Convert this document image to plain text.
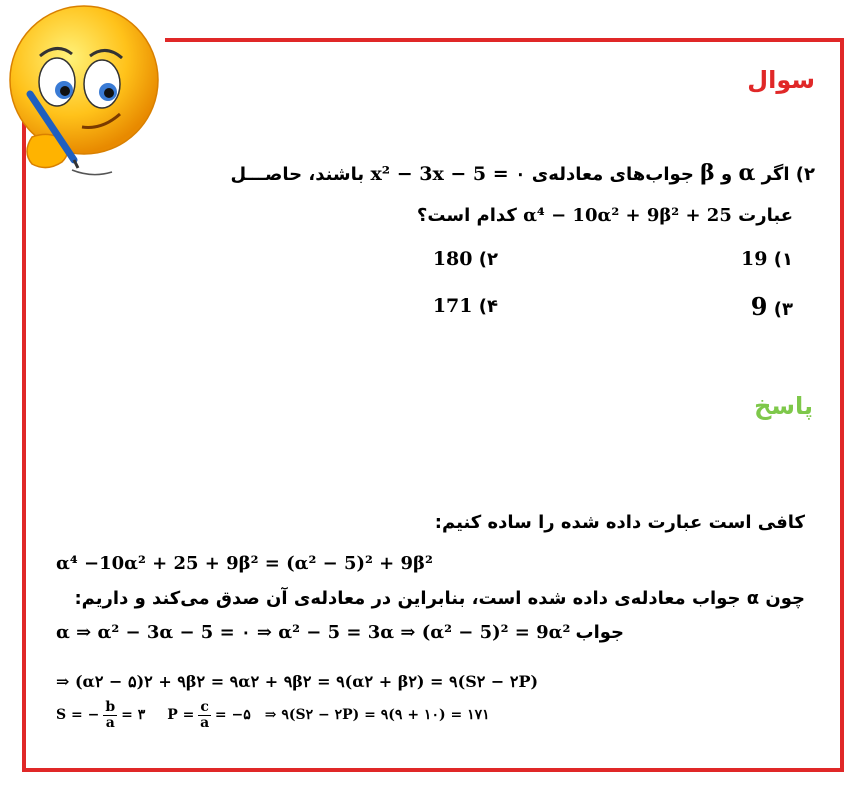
سوال
۲) اگر α و β جواب‌های معادله‌ی x² − 3x − 5 = ۰ باشند، حاصـــل
عبارت α⁴ − 10α² + 9β² + 25 کدام است؟
۱) 19
۲) 180
۳) 9
۴) 171
پاسخ
کافی است عبارت داده شده را ساده کنیم:
α⁴ −10α² + 25 + 9β² = (α² − 5)² + 9β²
چون α جواب معادله‌ی داده شده است، بنابراین در معادله‌ی آن صدق می‌کند و داریم:
α ⇒ α² − 3α − 5 = ۰ ⇒ α² − 5 = 3α ⇒ (α² − 5)² = 9α² جواب
⇒ (α۲ − ۵)۲ + ۹β۲ = ۹α۲ + ۹β۲ = ۹(α۲ + β۲) = ۹(S۲ − ۲P)
S = − $\frac{b}{a}$ = ۳ $P = \frac{c}{a}$ = −۵ ⇒ ۹(S۲ − ۲P) = ۹(۹ + ۱۰) = ۱۷۱
